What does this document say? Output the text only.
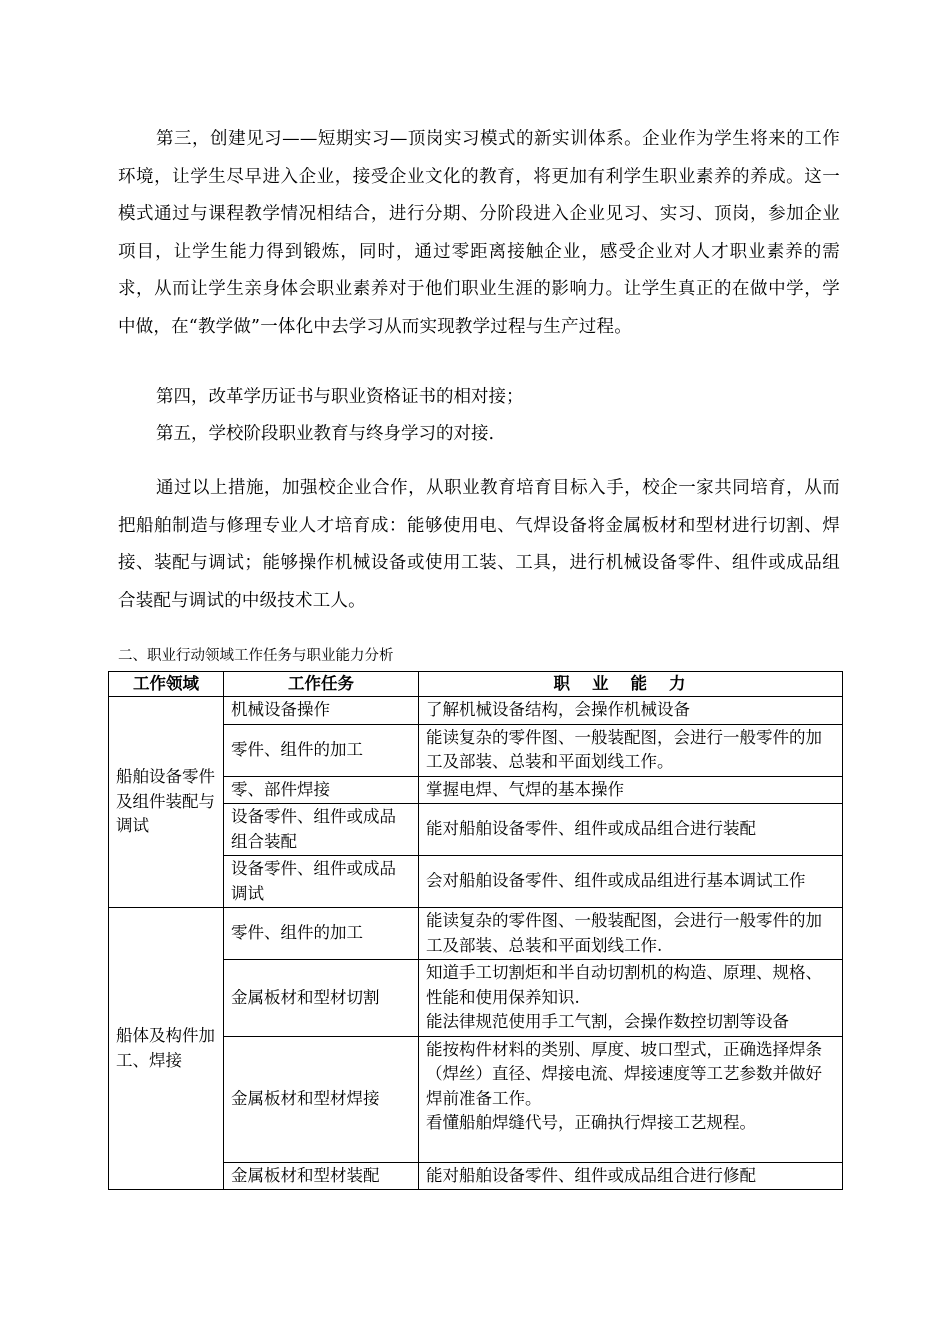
第三，创建见习——短期实习—顶岗实习模式的新实训体系。企业作为学生将来的工作环境，让学生尽早进入企业，接受企业文化的教育，将更加有利学生职业素养的养成。这一模式通过与课程教学情况相结合，进行分期、分阶段进入企业见习、实习、顶岗，参加企业项目，让学生能力得到锻炼，同时，通过零距离接触企业，感受企业对人才职业素养的需求，从而让学生亲身体会职业素养对于他们职业生涯的影响力。让学生真正的在做中学，学中做，在“教学做”一体化中去学习从而实现教学过程与生产过程。

第四，改革学历证书与职业资格证书的相对接；

第五，学校阶段职业教育与终身学习的对接.

通过以上措施，加强校企业合作，从职业教育培育目标入手，校企一家共同培育，从而把船舶制造与修理专业人才培育成：能够使用电、气焊设备将金属板材和型材进行切割、焊接、装配与调试；能够操作机械设备或使用工装、工具，进行机械设备零件、组件或成品组合装配与调试的中级技术工人。

二、职业行动领域工作任务与职业能力分析

工作领域	工作任务	职业能力
船舶设备零件及组件装配与调试	机械设备操作	了解机械设备结构，会操作机械设备
	零件、组件的加工	能读复杂的零件图、一般装配图，会进行一般零件的加工及部装、总装和平面划线工作。
	零、部件焊接	掌握电焊、气焊的基本操作
	设备零件、组件或成品组合装配	能对船舶设备零件、组件或成品组合进行装配
	设备零件、组件或成品调试	会对船舶设备零件、组件或成品组进行基本调试工作
船体及构件加工、焊接	零件、组件的加工	能读复杂的零件图、一般装配图，会进行一般零件的加工及部装、总装和平面划线工作.
	金属板材和型材切割	知道手工切割炬和半自动切割机的构造、原理、规格、性能和使用保养知识.
能法律规范使用手工气割，会操作数控切割等设备

	金属板材和型材焊接	能按构件材料的类别、厚度、坡口型式，正确选择焊条（焊丝）直径、焊接电流、焊接速度等工艺参数并做好焊前准备工作。
看懂船舶焊缝代号，正确执行焊接工艺规程。

	金属板材和型材装配	能对船舶设备零件、组件或成品组合进行修配
